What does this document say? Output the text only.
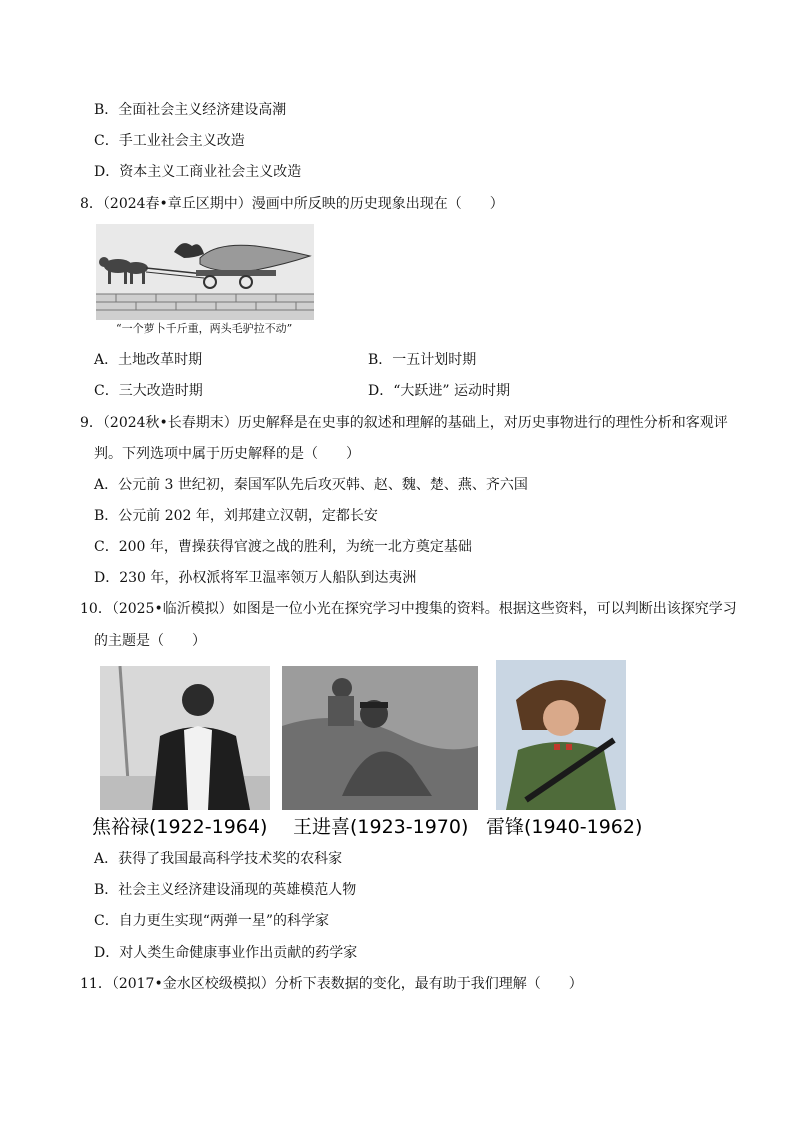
B．全面社会主义经济建设高潮
C．手工业社会主义改造
D．资本主义工商业社会主义改造
8．（2024春•章丘区期中）漫画中所反映的历史现象出现在（　　）
“一个萝卜千斤重，两头毛驴拉不动”
A．土地改革时期	B．一五计划时期
C．三大改造时期	D．“大跃进” 运动时期
9．（2024秋•长春期末）历史解释是在史事的叙述和理解的基础上，对历史事物进行的理性分析和客观评
判。下列选项中属于历史解释的是（　　）
A．公元前 3 世纪初，秦国军队先后攻灭韩、赵、魏、楚、燕、齐六国
B．公元前 202 年，刘邦建立汉朝，定都长安
C．200 年，曹操获得官渡之战的胜利，为统一北方奠定基础
D．230 年，孙权派将军卫温率领万人船队到达夷洲
10．（2025•临沂模拟）如图是一位小光在探究学习中搜集的资料。根据这些资料，可以判断出该探究学习
的主题是（　　）
焦裕禄(1922-1964) 王进喜(1923-1970) 雷锋(1940-1962)
A．获得了我国最高科学技术奖的农科家
B．社会主义经济建设涌现的英雄模范人物
C．自力更生实现“两弹一星”的科学家
D．对人类生命健康事业作出贡献的药学家
11．（2017•金水区校级模拟）分析下表数据的变化，最有助于我们理解（　　）
